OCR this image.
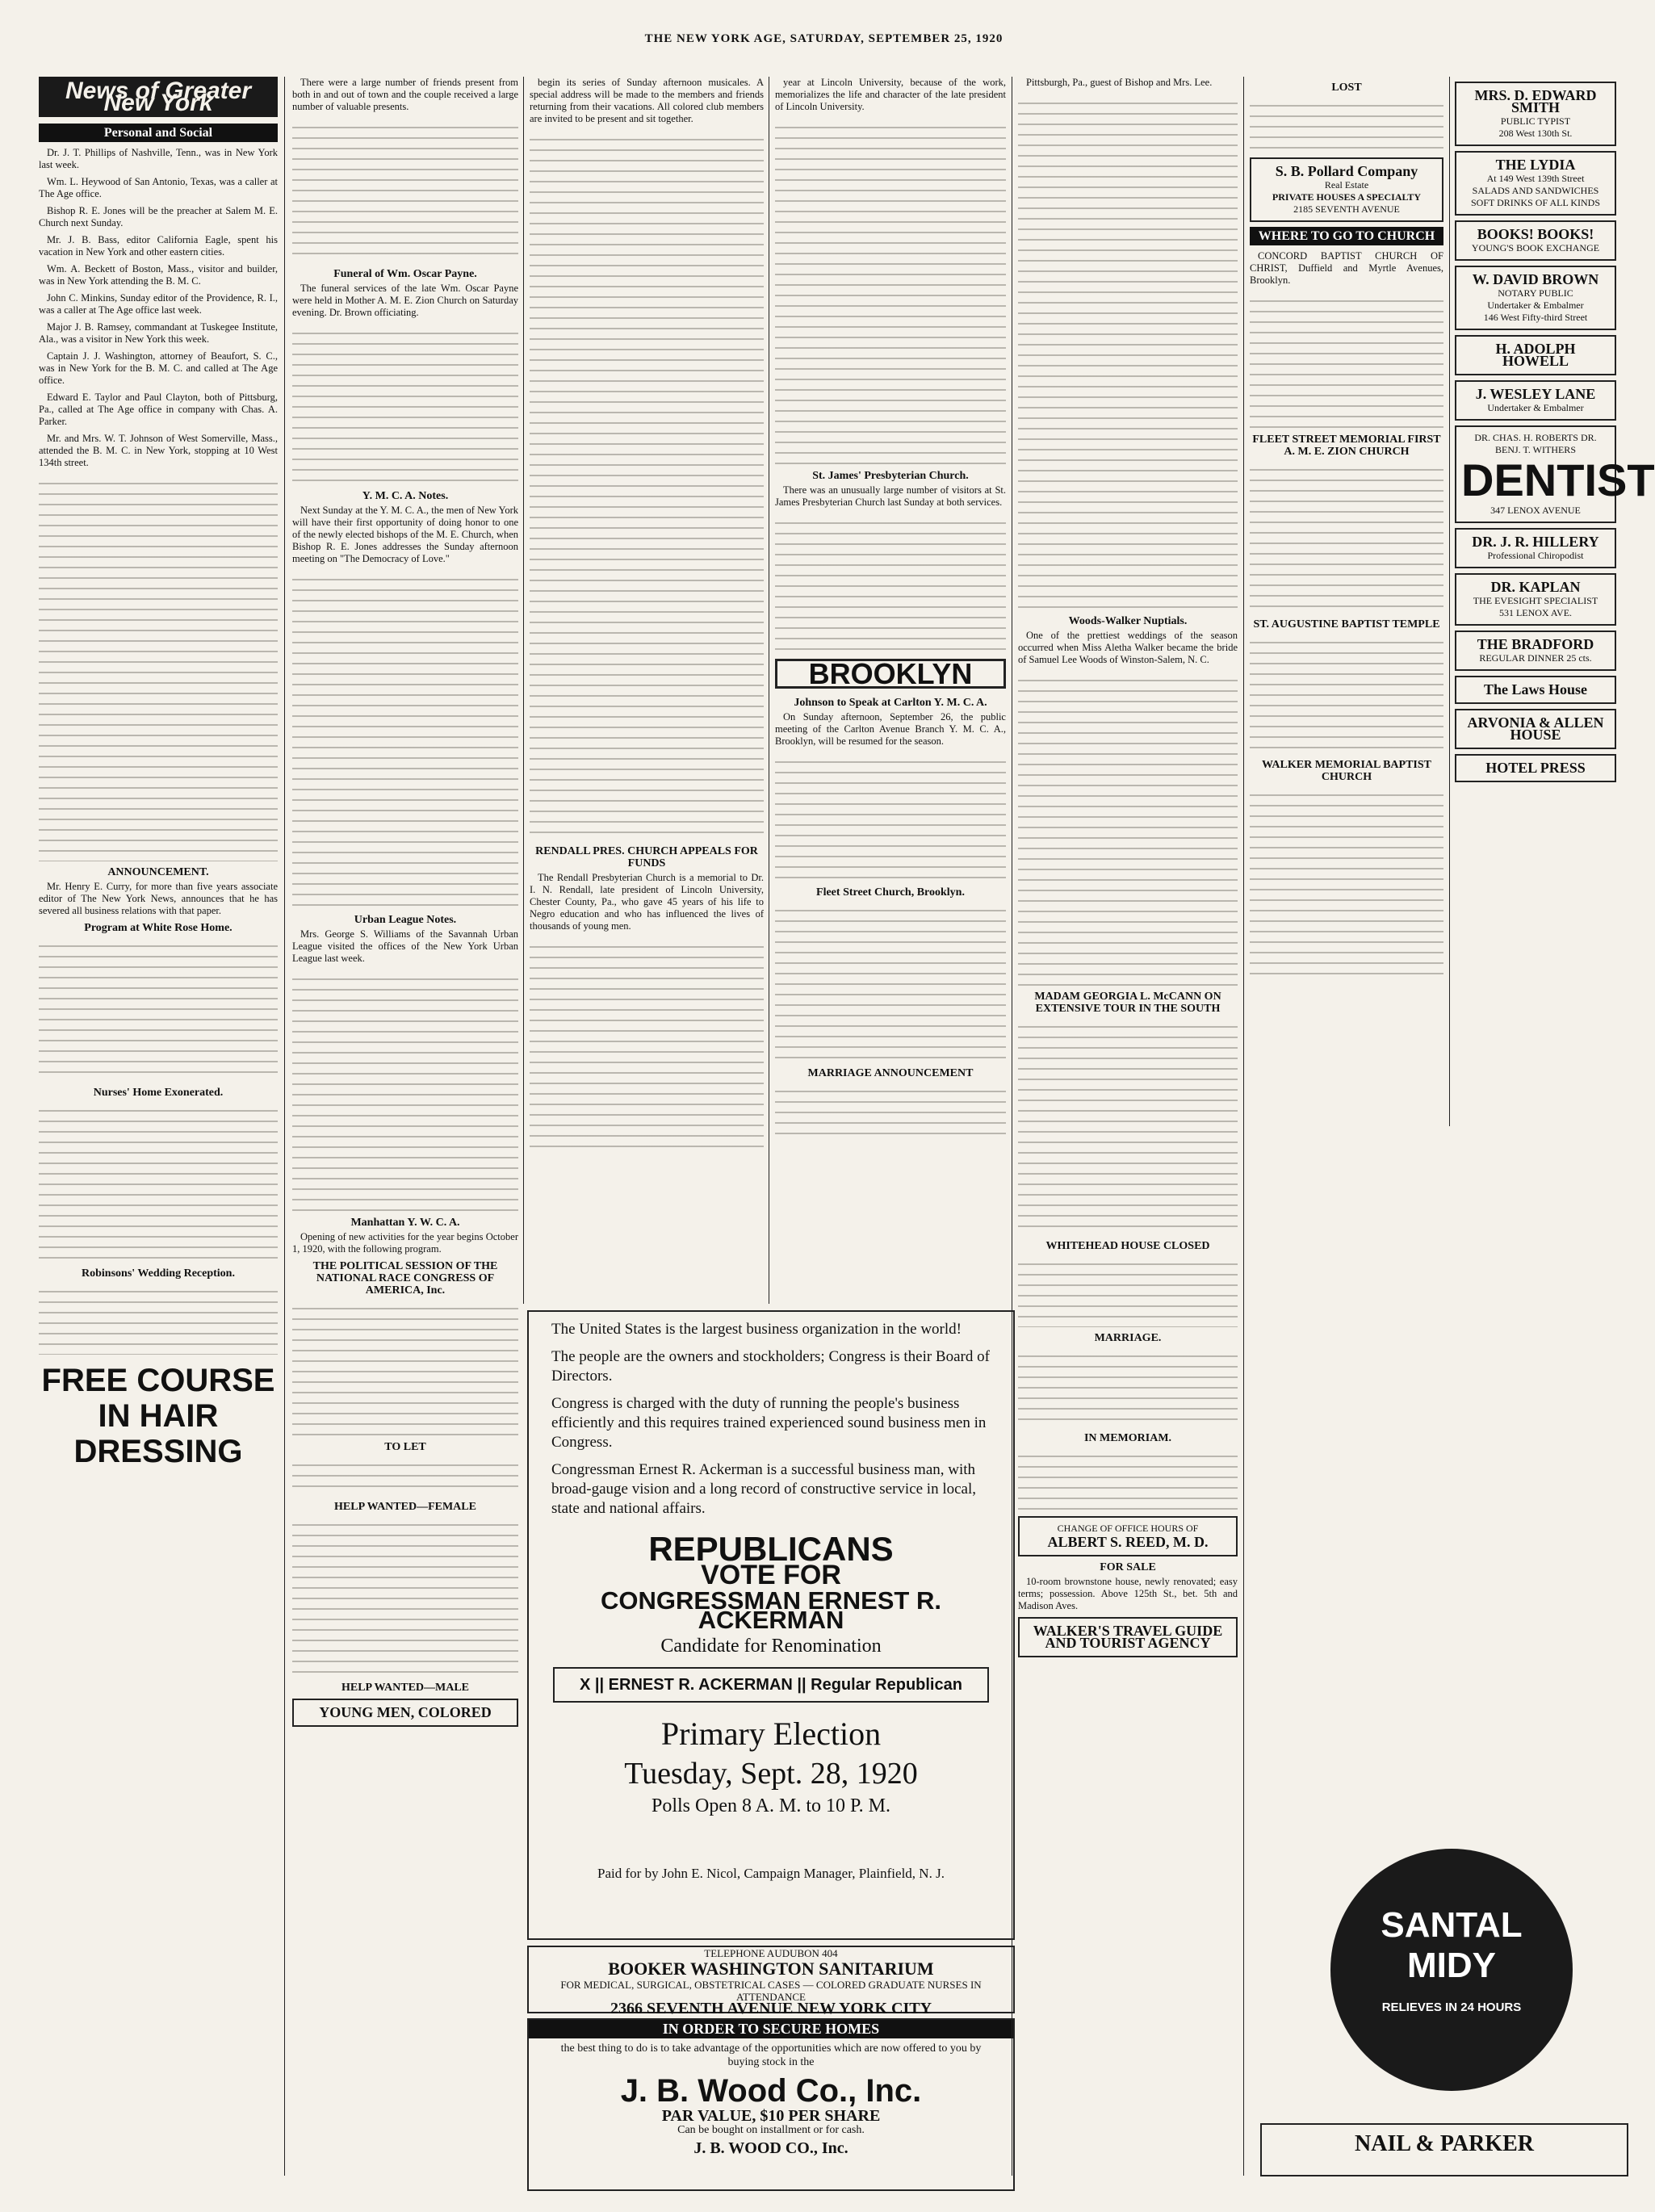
THE NEW YORK AGE, SATURDAY, SEPTEMBER 25, 1920
News of Greater New York
Personal and Social

Dr. J. T. Phillips of Nashville, Tenn., was in New York last week.

Wm. L. Heywood of San Antonio, Texas, was a caller at The Age office.

Bishop R. E. Jones will be the preacher at Salem M. E. Church next Sunday.

Mr. J. B. Bass, editor California Eagle, spent his vacation in New York and other eastern cities.

Wm. A. Beckett of Boston, Mass., visitor and builder, was in New York attending the B. M. C.

John C. Minkins, Sunday editor of the Providence, R. I., was a caller at The Age office last week.

Major J. B. Ramsey, commandant at Tuskegee Institute, Ala., was a visitor in New York this week.

Captain J. J. Washington, attorney of Beaufort, S. C., was in New York for the B. M. C. and called at The Age office.

Edward E. Taylor and Paul Clayton, both of Pittsburg, Pa., called at The Age office in company with Chas. A. Parker.

Mr. and Mrs. W. T. Johnson of West Somerville, Mass., attended the B. M. C. in New York, stopping at 10 West 134th street.

ANNOUNCEMENT.

Mr. Henry E. Curry, for more than five years associate editor of The New York News, announces that he has severed all business relations with that paper.

Program at White Rose Home.
Nurses' Home Exonerated.
Robinsons' Wedding Reception.
FREE COURSE IN HAIR DRESSING

There were a large number of friends present from both in and out of town and the couple received a large number of valuable presents.

Funeral of Wm. Oscar Payne.

The funeral services of the late Wm. Oscar Payne were held in Mother A. M. E. Zion Church on Saturday evening. Dr. Brown officiating.

Y. M. C. A. Notes.

Next Sunday at the Y. M. C. A., the men of New York will have their first opportunity of doing honor to one of the newly elected bishops of the M. E. Church, when Bishop R. E. Jones addresses the Sunday afternoon meeting on "The Democracy of Love."

Urban League Notes.

Mrs. George S. Williams of the Savannah Urban League visited the offices of the New York Urban League last week.

Manhattan Y. W. C. A.

Opening of new activities for the year begins October 1, 1920, with the following program.

THE POLITICAL SESSION OF THE NATIONAL RACE CONGRESS OF AMERICA, Inc.
TO LET
HELP WANTED—FEMALE
HELP WANTED—MALE
YOUNG MEN, COLORED

begin its series of Sunday afternoon musicales. A special address will be made to the members and friends returning from their vacations. All colored club members are invited to be present and sit together.

RENDALL PRES. CHURCH APPEALS FOR FUNDS

The Rendall Presbyterian Church is a memorial to Dr. I. N. Rendall, late president of Lincoln University, Chester County, Pa., who gave 45 years of his life to Negro education and who has influenced the lives of thousands of young men.

year at Lincoln University, because of the work, memorializes the life and character of the late president of Lincoln University.

St. James' Presbyterian Church.

There was an unusually large number of visitors at St. James Presbyterian Church last Sunday at both services.

BROOKLYN
Johnson to Speak at Carlton Y. M. C. A.

On Sunday afternoon, September 26, the public meeting of the Carlton Avenue Branch Y. M. C. A., Brooklyn, will be resumed for the season.

Fleet Street Church, Brooklyn.
MARRIAGE ANNOUNCEMENT

The United States is the largest business organization in the world!

The people are the owners and stockholders; Congress is their Board of Directors.

Congress is charged with the duty of running the people's business efficiently and this requires trained experienced sound business men in Congress.

Congressman Ernest R. Ackerman is a successful business man, with broad-gauge vision and a long record of constructive service in local, state and national affairs.

REPUBLICANS
VOTE FOR
CONGRESSMAN ERNEST R. ACKERMAN
Candidate for Renomination
X || ERNEST R. ACKERMAN || Regular Republican
Primary Election
Tuesday, Sept. 28, 1920
Polls Open 8 A. M. to 10 P. M.
Paid for by John E. Nicol, Campaign Manager, Plainfield, N. J.
TELEPHONE AUDUBON 404
BOOKER WASHINGTON SANITARIUM
FOR MEDICAL, SURGICAL, OBSTETRICAL CASES — COLORED GRADUATE NURSES IN ATTENDANCE
2366 SEVENTH AVENUE NEW YORK CITY
IN ORDER TO SECURE HOMES
the best thing to do is to take advantage of the opportunities which are now offered to you by buying stock in the
J. B. Wood Co., Inc.
PAR VALUE, $10 PER SHARE
Can be bought on installment or for cash.
J. B. WOOD CO., Inc.

Pittsburgh, Pa., guest of Bishop and Mrs. Lee.

Woods-Walker Nuptials.

One of the prettiest weddings of the season occurred when Miss Aletha Walker became the bride of Samuel Lee Woods of Winston-Salem, N. C.

MADAM GEORGIA L. McCANN ON EXTENSIVE TOUR IN THE SOUTH
WHITEHEAD HOUSE CLOSED
MARRIAGE.
IN MEMORIAM.
CHANGE OF OFFICE HOURS OF
ALBERT S. REED, M. D.
FOR SALE

10-room brownstone house, newly renovated; easy terms; possession. Above 125th St., bet. 5th and Madison Aves.

WALKER'S TRAVEL GUIDE AND TOURIST AGENCY
LOST
S. B. Pollard Company
Real Estate
PRIVATE HOUSES A SPECIALTY
2185 SEVENTH AVENUE
WHERE TO GO TO CHURCH

CONCORD BAPTIST CHURCH OF CHRIST, Duffield and Myrtle Avenues, Brooklyn.

FLEET STREET MEMORIAL FIRST A. M. E. ZION CHURCH
ST. AUGUSTINE BAPTIST TEMPLE
WALKER MEMORIAL BAPTIST CHURCH
MRS. D. EDWARD SMITH
PUBLIC TYPIST
208 West 130th St.
THE LYDIA
At 149 West 139th Street
SALADS AND SANDWICHES SOFT DRINKS OF ALL KINDS
BOOKS! BOOKS!
YOUNG'S BOOK EXCHANGE
W. DAVID BROWN
NOTARY PUBLIC
Undertaker & Embalmer
146 West Fifty-third Street
H. ADOLPH HOWELL
J. WESLEY LANE
Undertaker & Embalmer
DR. CHAS. H. ROBERTS DR. BENJ. T. WITHERS
DENTIST
347 LENOX AVENUE
DR. J. R. HILLERY
Professional Chiropodist
DR. KAPLAN
THE EVESIGHT SPECIALIST
531 LENOX AVE.
THE BRADFORD
REGULAR DINNER 25 cts.
The Laws House
ARVONIA & ALLEN HOUSE
HOTEL PRESS
SANTAL
MIDY
RELIEVES IN 24 HOURS
NAIL & PARKER
